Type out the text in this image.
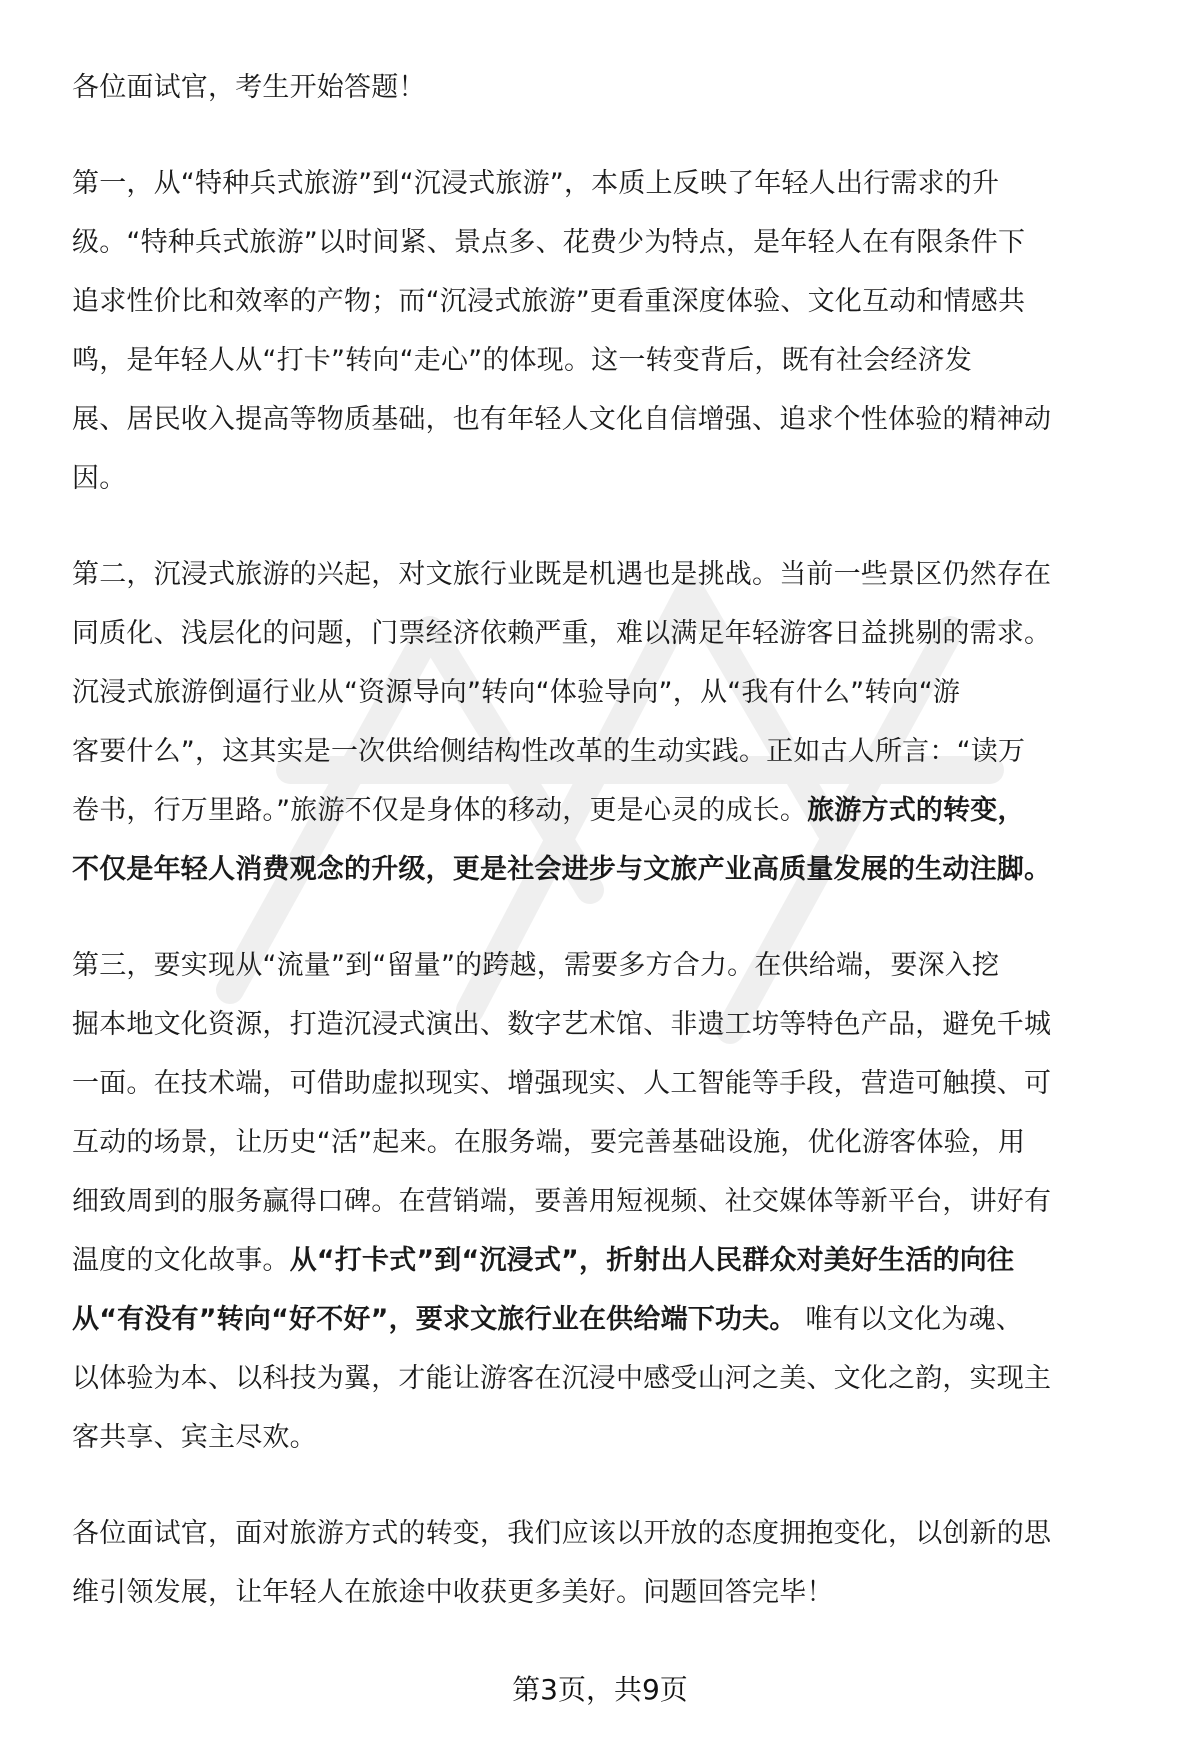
各位面试官，考生开始答题！
第一，从“特种兵式旅游”到“沉浸式旅游”，本质上反映了年轻人出行需求的升
级。“特种兵式旅游”以时间紧、景点多、花费少为特点，是年轻人在有限条件下
追求性价比和效率的产物；而“沉浸式旅游”更看重深度体验、文化互动和情感共
鸣，是年轻人从“打卡”转向“走心”的体现。这一转变背后，既有社会经济发
展、居民收入提高等物质基础，也有年轻人文化自信增强、追求个性体验的精神动
因。
第二，沉浸式旅游的兴起，对文旅行业既是机遇也是挑战。当前一些景区仍然存在
同质化、浅层化的问题，门票经济依赖严重，难以满足年轻游客日益挑剔的需求。
沉浸式旅游倒逼行业从“资源导向”转向“体验导向”，从“我有什么”转向“游
客要什么”，这其实是一次供给侧结构性改革的生动实践。正如古人所言：“读万
卷书，行万里路。”旅游不仅是身体的移动，更是心灵的成长。旅游方式的转变，
不仅是年轻人消费观念的升级，更是社会进步与文旅产业高质量发展的生动注脚。
第三，要实现从“流量”到“留量”的跨越，需要多方合力。在供给端，要深入挖
掘本地文化资源，打造沉浸式演出、数字艺术馆、非遗工坊等特色产品，避免千城
一面。在技术端，可借助虚拟现实、增强现实、人工智能等手段，营造可触摸、可
互动的场景，让历史“活”起来。在服务端，要完善基础设施，优化游客体验，用
细致周到的服务赢得口碑。在营销端，要善用短视频、社交媒体等新平台，讲好有
温度的文化故事。从“打卡式”到“沉浸式”，折射出人民群众对美好生活的向往
从“有没有”转向“好不好”，要求文旅行业在供给端下功夫。 唯有以文化为魂、
以体验为本、以科技为翼，才能让游客在沉浸中感受山河之美、文化之韵，实现主
客共享、宾主尽欢。
各位面试官，面对旅游方式的转变，我们应该以开放的态度拥抱变化，以创新的思
维引领发展，让年轻人在旅途中收获更多美好。问题回答完毕！
第3页，共9页
